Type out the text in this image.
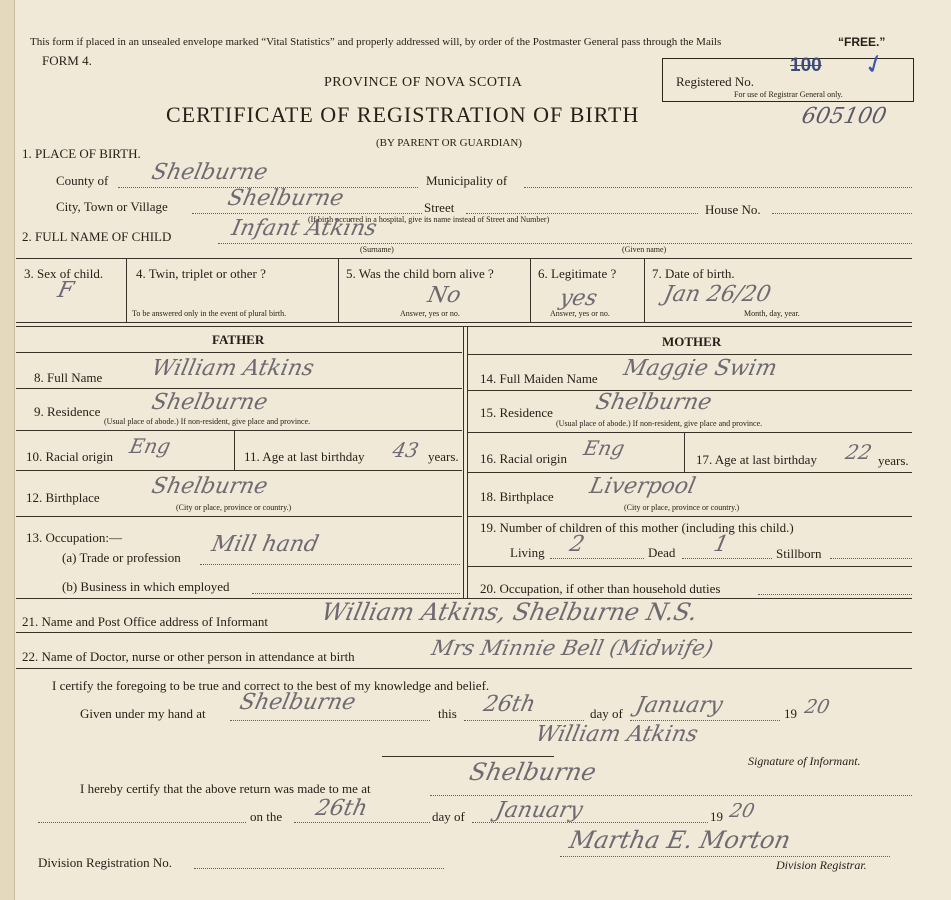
This form if placed in an unsealed envelope marked “Vital Statistics” and properly addressed will, by order of the Postmaster General pass through the Mails	“FREE.”
FORM 4.
PROVINCE OF NOVA SCOTIA
CERTIFICATE OF REGISTRATION OF BIRTH
(BY PARENT OR GUARDIAN)
Registered No.
100 ✓
For use of Registrar General only.
605100
1. PLACE OF BIRTH.
County of Shelburne	Municipality of
City, Town or Village	Shelburne	Street	House No.
(If birth occurred in a hospital, give its name instead of Street and Number)
2. FULL NAME OF CHILD	Infant Atkins
(Surname)	(Given name)
3. Sex of child.
F
4. Twin, triplet or other ?
To be answered only in the event of plural birth.
5. Was the child born alive ?
No
Answer, yes or no.
6. Legitimate ?
yes
Answer, yes or no.
7. Date of birth.
Jan 26/20
Month, day, year.
FATHER	MOTHER
8. Full Name William Atkins
9. Residence Shelburne
(Usual place of abode.) If non-resident, give place and province.
10. Racial origin Eng	11. Age at last birthday 43 years.
12. Birthplace Shelburne
(City or place, province or country.)
13. Occupation:—
(a) Trade or profession
Mill hand
(b) Business in which employed
14. Full Maiden Name Maggie Swim
15. Residence Shelburne
(Usual place of abode.) If non-resident, give place and province.
16. Racial origin Eng	17. Age at last birthday 22 years.
18. Birthplace Liverpool
(City or place, province or country.)
19. Number of children of this mother (including this child.)
Living 2	Dead 1	Stillborn
20. Occupation, if other than household duties
21. Name and Post Office address of Informant William Atkins, Shelburne N.S.
22. Name of Doctor, nurse or other person in attendance at birth	Mrs Minnie Bell (Midwife)
I certify the foregoing to be true and correct to the best of my knowledge and belief.
Given under my hand at Shelburne	this 26th	day of January	19 20
William Atkins
Signature of Informant.
I hereby certify that the above return was made to me at
Shelburne
on the 26th	day of January	19 20
Martha E. Morton
Division Registration No.	Division Registrar.
